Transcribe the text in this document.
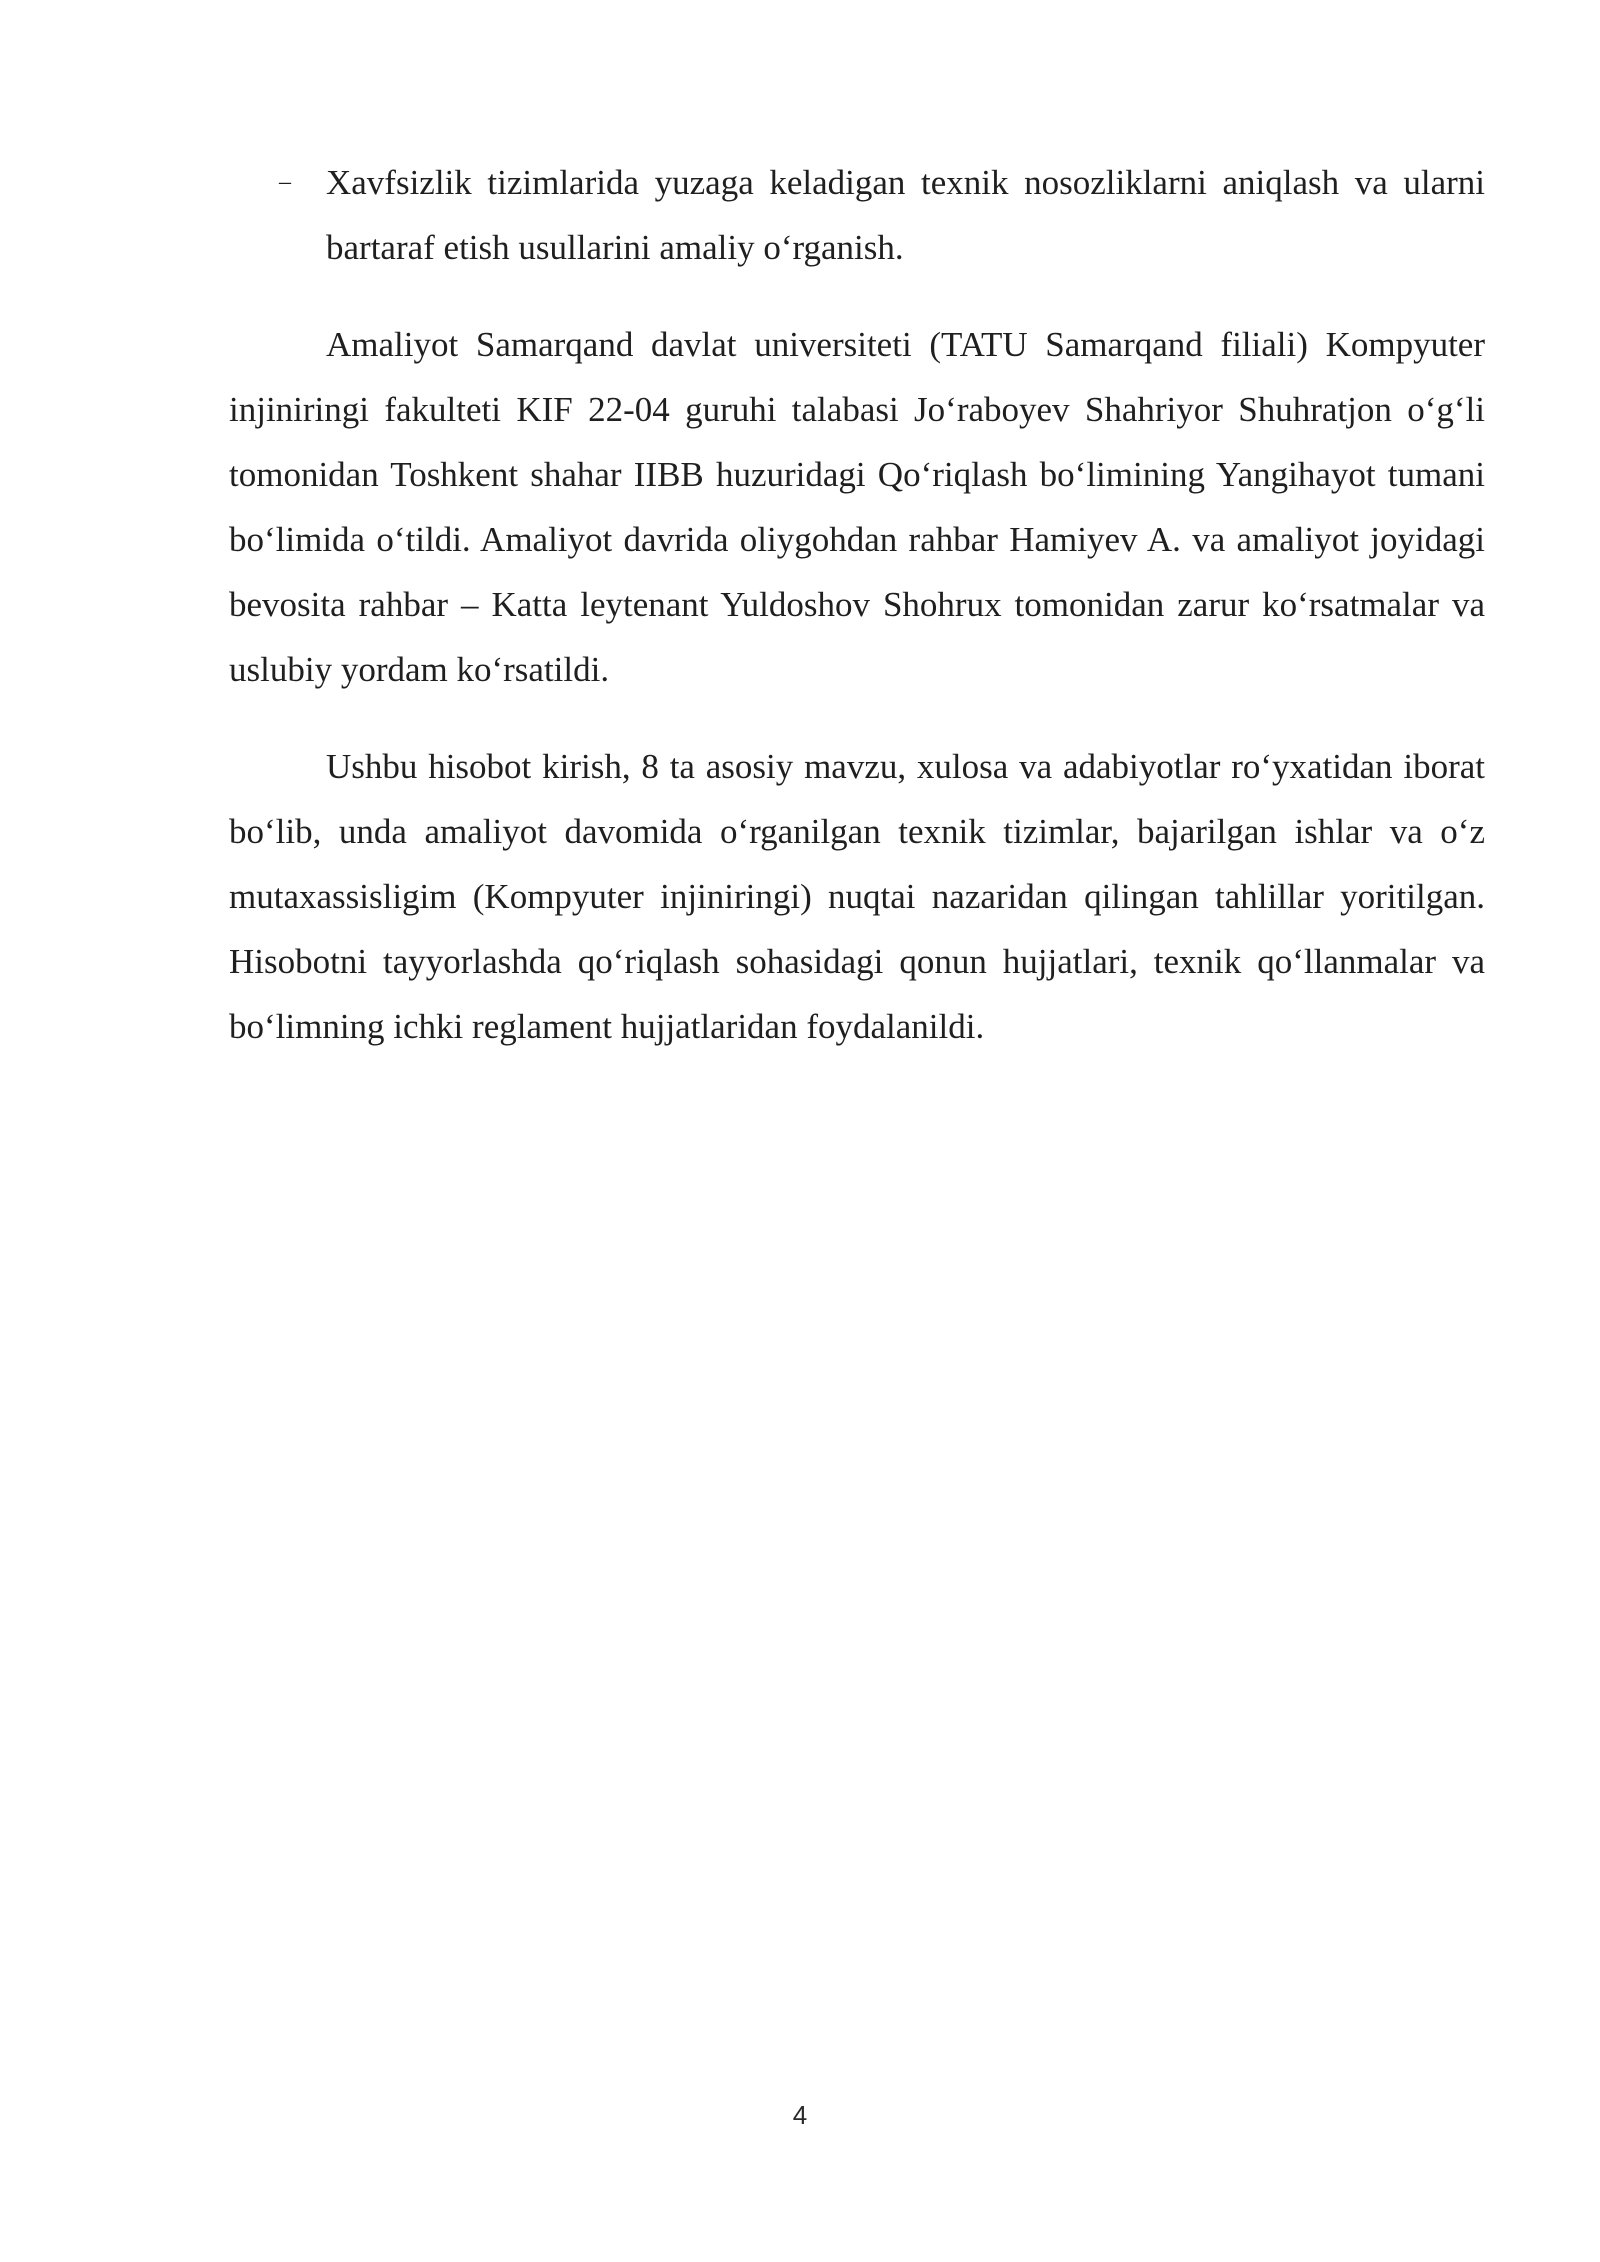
– Xavfsizlik tizimlarida yuzaga keladigan texnik nosozliklarni aniqlash va ularni bartaraf etish usullarini amaliy o‘rganish.

Amaliyot Samarqand davlat universiteti (TATU Samarqand filiali) Kompyuter injiniringi fakulteti KIF 22-04 guruhi talabasi Jo‘raboyev Shahriyor Shuhratjon o‘g‘li tomonidan Toshkent shahar IIBB huzuridagi Qo‘riqlash bo‘limining Yangihayot tumani bo‘limida o‘tildi. Amaliyot davrida oliygohdan rahbar Hamiyev A. va amaliyot joyidagi bevosita rahbar – Katta leytenant Yuldoshov Shohrux tomonidan zarur ko‘rsatmalar va uslubiy yordam ko‘rsatildi.

Ushbu hisobot kirish, 8 ta asosiy mavzu, xulosa va adabiyotlar ro‘yxatidan iborat bo‘lib, unda amaliyot davomida o‘rganilgan texnik tizimlar, bajarilgan ishlar va o‘z mutaxassisligim (Kompyuter injiniringi) nuqtai nazaridan qilingan tahlillar yoritilgan. Hisobotni tayyorlashda qo‘riqlash sohasidagi qonun hujjatlari, texnik qo‘llanmalar va bo‘limning ichki reglament hujjatlaridan foydalanildi.

4
